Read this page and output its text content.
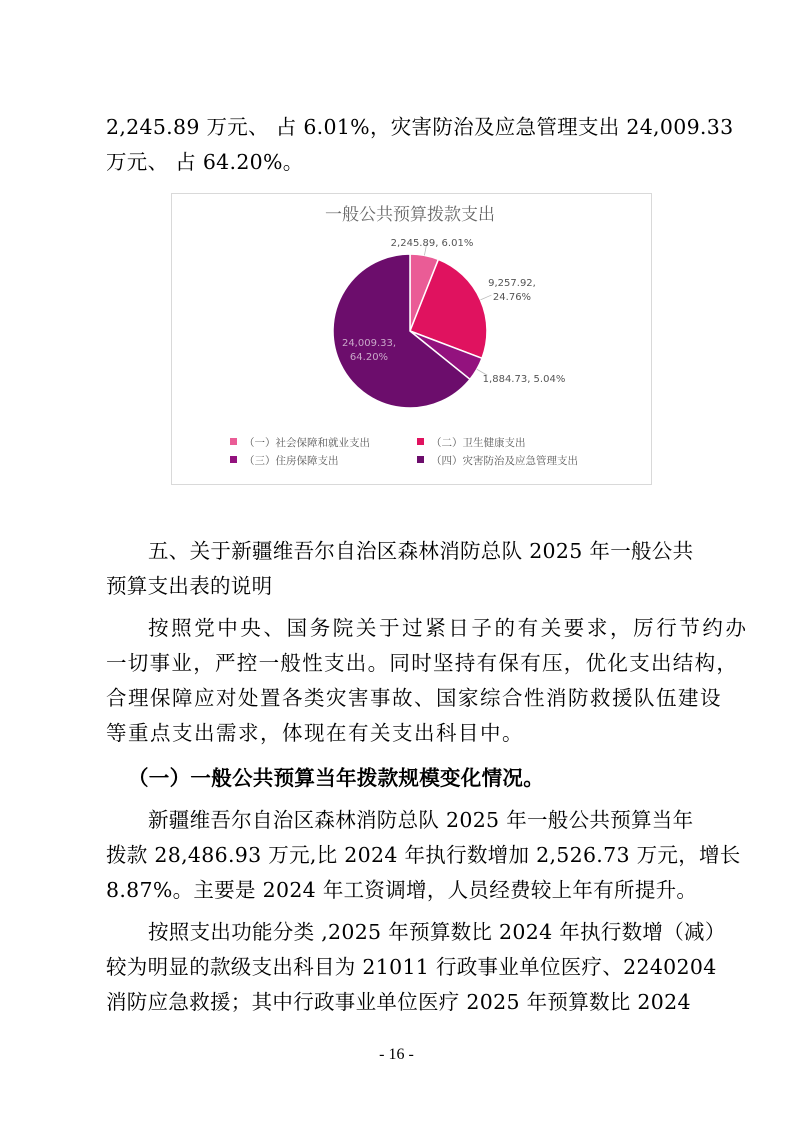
2,245.89 万元、 占 6.01%，灾害防治及应急管理支出 24,009.33
万元、 占 64.20%。
一般公共预算拨款支出
2,245.89, 6.01%
9,257.92,
24.76%
1,884.73, 5.04%
24,009.33,
64.20%
（一）社会保障和就业支出	（二）卫生健康支出
（三）住房保障支出	（四）灾害防治及应急管理支出
五、关于新疆维吾尔自治区森林消防总队 2025 年一般公共
预算支出表的说明
按照党中央、国务院关于过紧日子的有关要求，厉行节约办
一切事业，严控一般性支出。同时坚持有保有压，优化支出结构，
合理保障应对处置各类灾害事故、国家综合性消防救援队伍建设
等重点支出需求，体现在有关支出科目中。
（一）一般公共预算当年拨款规模变化情况。
新疆维吾尔自治区森林消防总队 2025 年一般公共预算当年
拨款 28,486.93 万元,比 2024 年执行数增加 2,526.73 万元，增长
8.87%。主要是 2024 年工资调增，人员经费较上年有所提升。
按照支出功能分类 ,2025 年预算数比 2024 年执行数增（减）
较为明显的款级支出科目为 21011 行政事业单位医疗、2240204
消防应急救援；其中行政事业单位医疗 2025 年预算数比 2024
- 16 -
